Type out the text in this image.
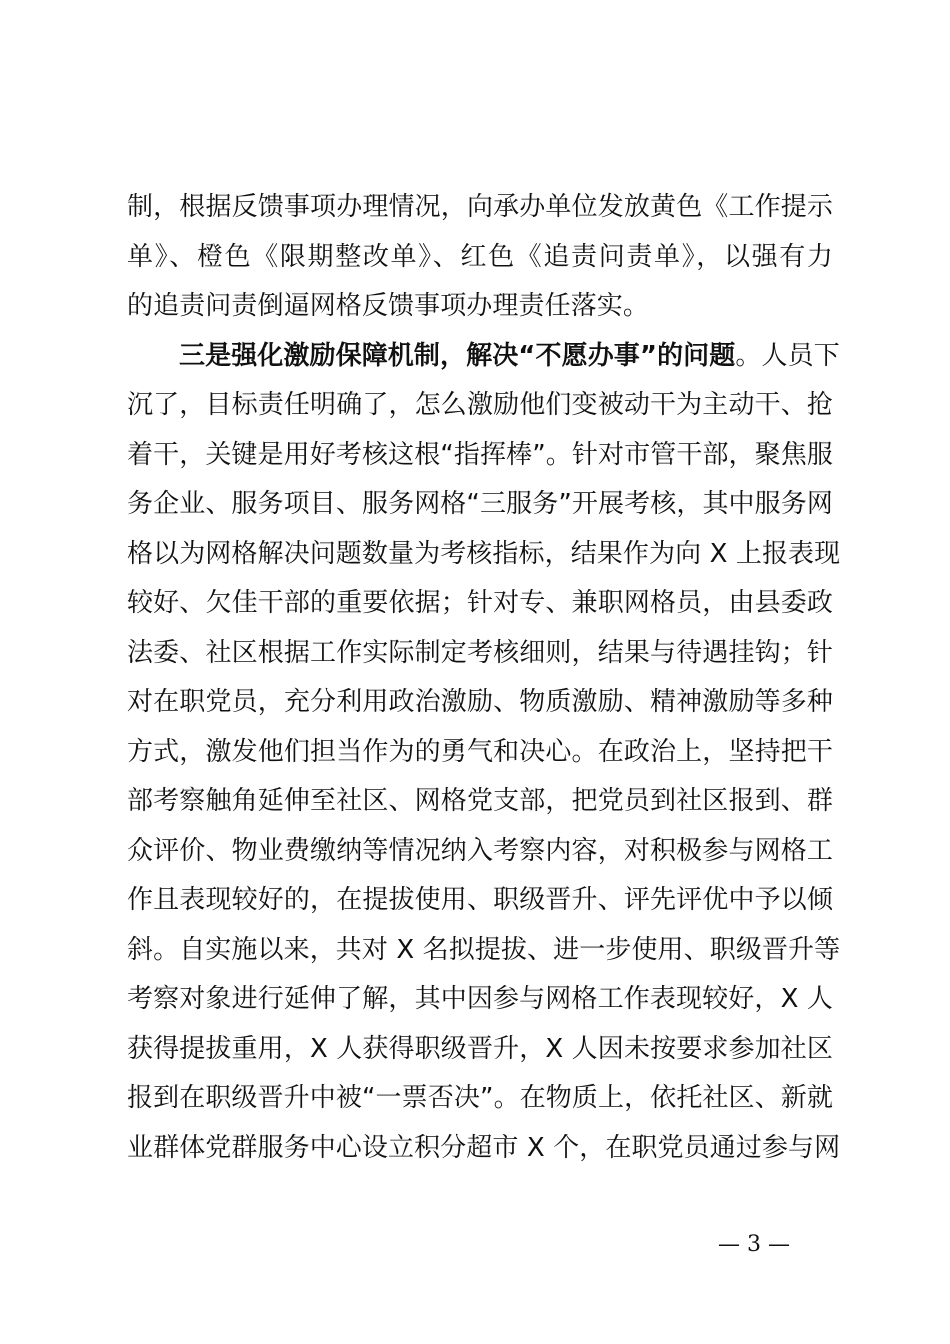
制，根据反馈事项办理情况，向承办单位发放黄色《工作提示
单》、橙色《限期整改单》、红色《追责问责单》，以强有力
的追责问责倒逼网格反馈事项办理责任落实。
三是强化激励保障机制，解决“不愿办事”的问题。人员下
沉了，目标责任明确了，怎么激励他们变被动干为主动干、抢
着干，关键是用好考核这根“指挥棒”。针对市管干部，聚焦服
务企业、服务项目、服务网格“三服务”开展考核，其中服务网
格以为网格解决问题数量为考核指标，结果作为向 X 上报表现
较好、欠佳干部的重要依据；针对专、兼职网格员，由县委政
法委、社区根据工作实际制定考核细则，结果与待遇挂钩；针
对在职党员，充分利用政治激励、物质激励、精神激励等多种
方式，激发他们担当作为的勇气和决心。在政治上，坚持把干
部考察触角延伸至社区、网格党支部，把党员到社区报到、群
众评价、物业费缴纳等情况纳入考察内容，对积极参与网格工
作且表现较好的，在提拔使用、职级晋升、评先评优中予以倾
斜。自实施以来，共对 X 名拟提拔、进一步使用、职级晋升等
考察对象进行延伸了解，其中因参与网格工作表现较好，X 人
获得提拔重用，X 人获得职级晋升，X 人因未按要求参加社区
报到在职级晋升中被“一票否决”。在物质上，依托社区、新就
业群体党群服务中心设立积分超市 X 个，在职党员通过参与网
— 3 —
